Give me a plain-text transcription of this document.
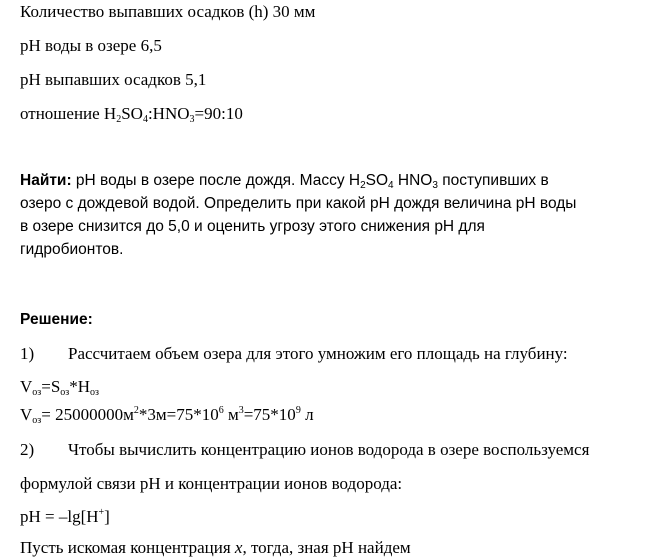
Количество выпавших осадков (h) 30 мм
pH воды в озере 6,5
pH выпавших осадков 5,1
отношение $H_2SO_4:HNO_3=90:10$
Найти: pH воды в озере после дождя. Массу $H_2SO_4$ $HNO_3$ поступивших в
озеро с дождевой водой. Определить при какой pH дождя величина pH воды
в озере снизится до 5,0 и оценить угрозу этого снижения pH для
гидробионтов.
Решение:
1) Рассчитаем объем озера для этого умножим его площадь на глубину:
$V_{оз}=S_{оз}*H_{оз}$
$V_{оз}= 25000000м^2*3м=75*10^6$ $м^3=75*10^9$ л
2) Чтобы вычислить концентрацию ионов водорода в озере воспользуемся
формулой связи pH и концентрации ионов водорода:
pH = –lg[H+]
Пусть искомая концентрация x, тогда, зная pH найдем
